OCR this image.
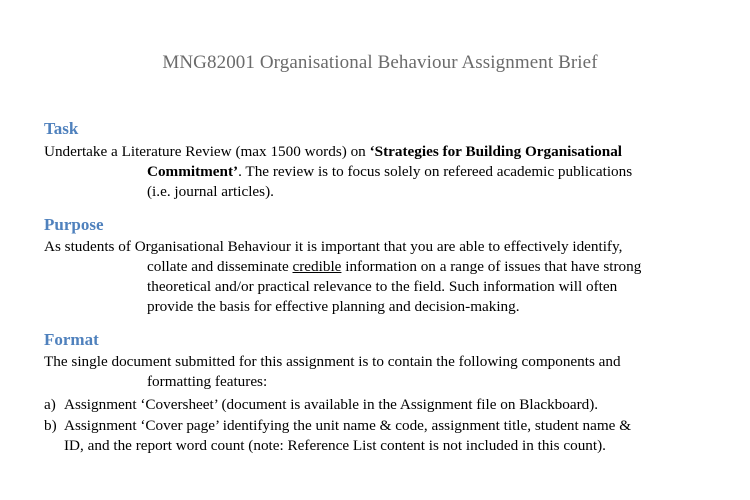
MNG82001 Organisational Behaviour Assignment Brief
Task
Undertake a Literature Review (max 1500 words) on ‘Strategies for Building Organisational
Commitment’. The review is to focus solely on refereed academic publications
(i.e. journal articles).
Purpose
As students of Organisational Behaviour it is important that you are able to effectively identify,
collate and disseminate credible information on a range of issues that have strong
theoretical and/or practical relevance to the field. Such information will often
provide the basis for effective planning and decision-making.
Format
The single document submitted for this assignment is to contain the following components and
formatting features:
a) Assignment ‘Coversheet’ (document is available in the Assignment file on Blackboard).
b) Assignment ‘Cover page’ identifying the unit name & code, assignment title, student name &
ID, and the report word count (note: Reference List content is not included in this count).
